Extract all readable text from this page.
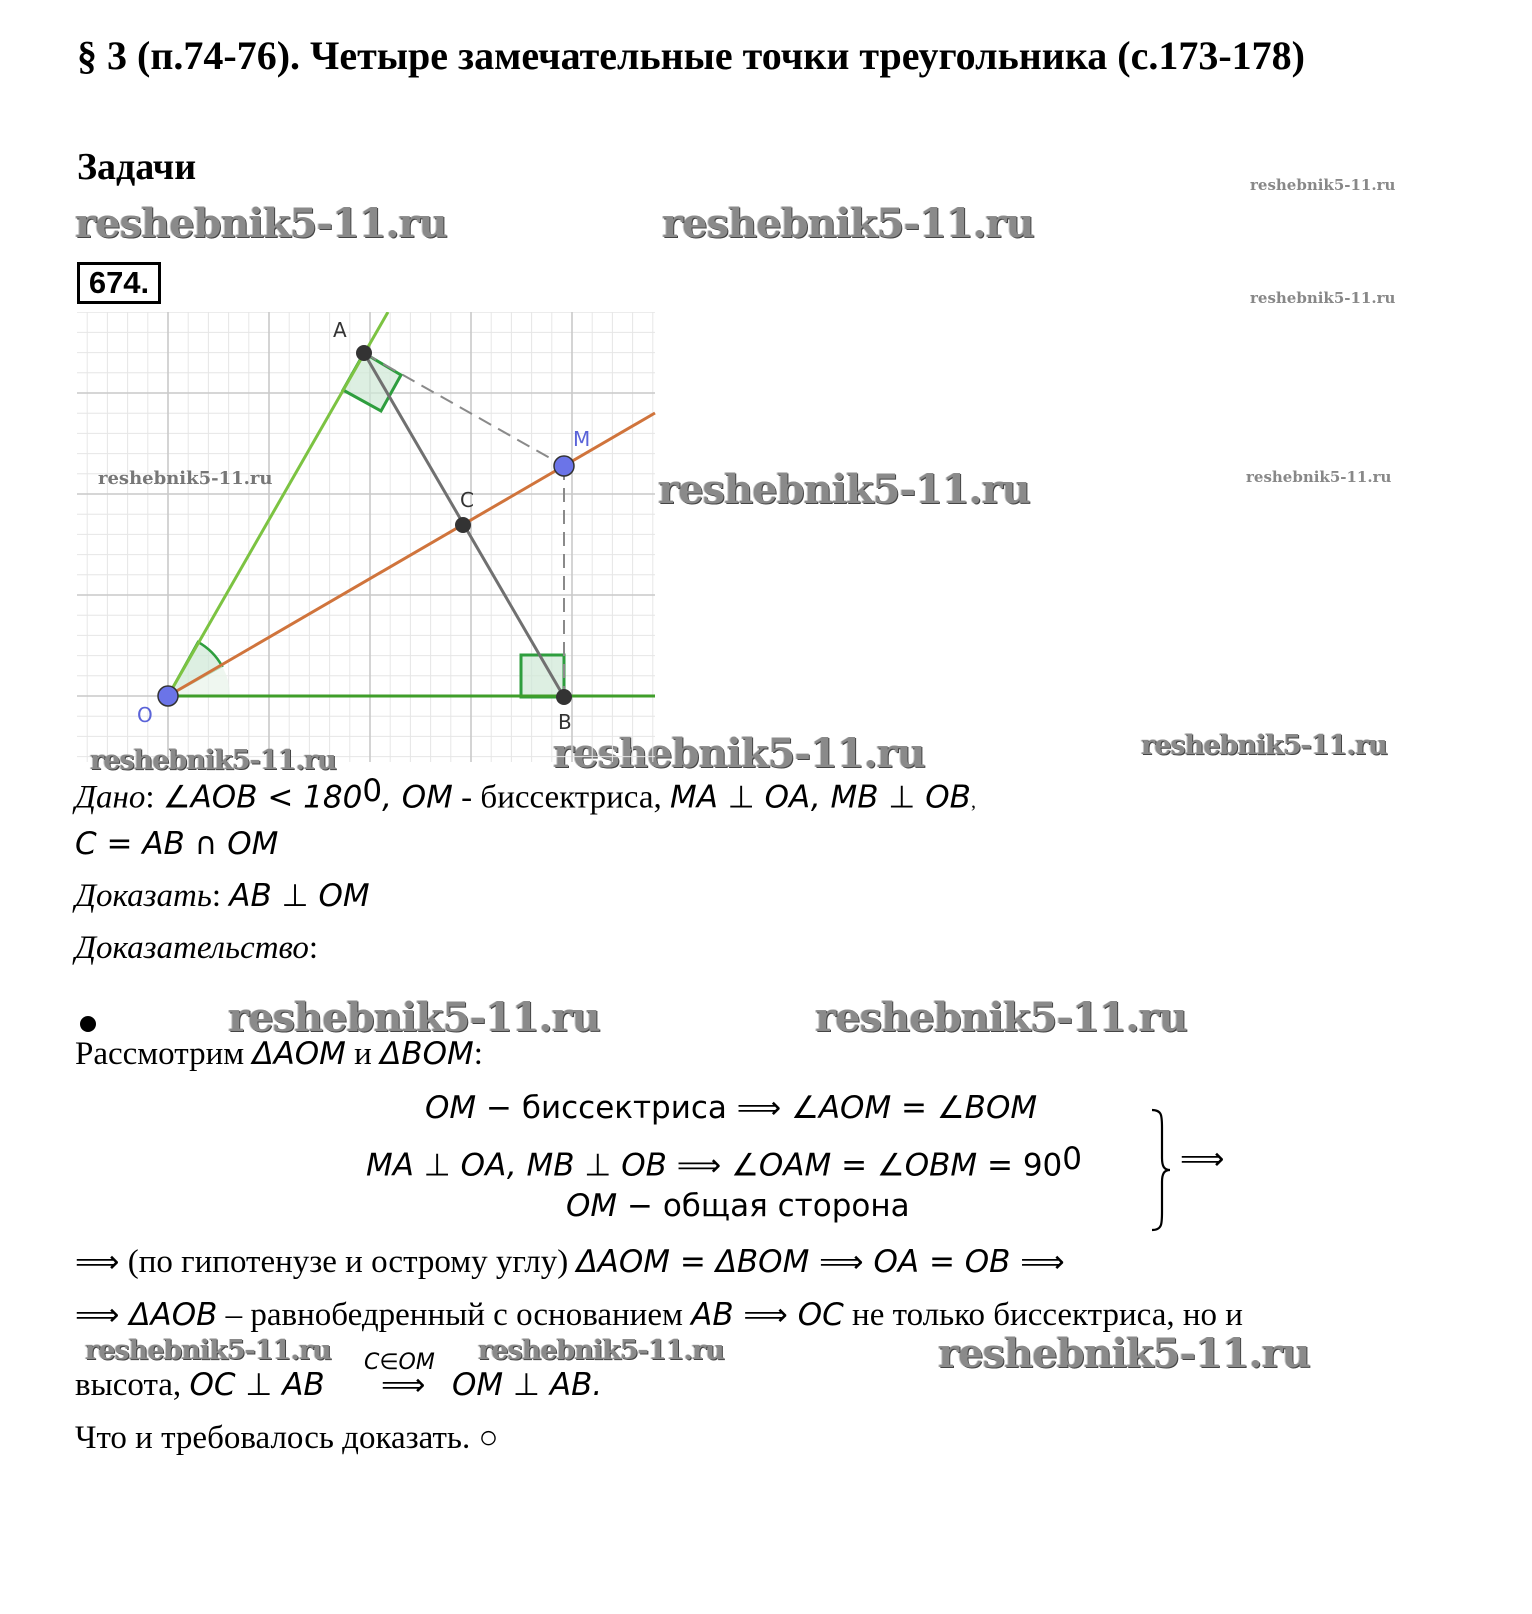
§ 3 (п.74-76). Четыре замечательные точки треугольника (с.173-178)
Задачи
reshebnik5-11.ru	reshebnik5-11.ru
reshebnik5-11.ru
reshebnik5-11.ru
reshebnik5-11.ru
reshebnik5-11.ru
reshebnik5-11.ru	reshebnik5-11.ru
reshebnik5-11.ru	reshebnik5-11.ru
reshebnik5-11.ru	reshebnik5-11.ru	reshebnik5-11.ru
674.
A
C
M
B
O
reshebnik5-11.ru
reshebnik5-11.ru
Дано: ∠AOB < $180^0$, OM - биссектриса, MA ⊥ OA, MB ⊥ OB,
C = AB ∩ OM
Доказать: AB ⊥ OM
Доказательство:
Рассмотрим ΔAOM и ΔBOM:
OM − биссектриса ⟹ ∠AOM = ∠BOM
MA ⊥ OA, MB ⊥ OB ⟹ ∠OAM = ∠OBM = $90^0$
OM − общая сторона
⟹
⟹ (по гипотенузе и острому углу) ΔAOM = ΔBOM ⟹ OA = OB ⟹
⟹ ΔAOB – равнобедренный с основанием AB ⟹ OC не только биссектриса, но и
C∈OM
высота, OC ⊥ AB ⟹ OM ⊥ AB.
Что и требовалось доказать. ○
